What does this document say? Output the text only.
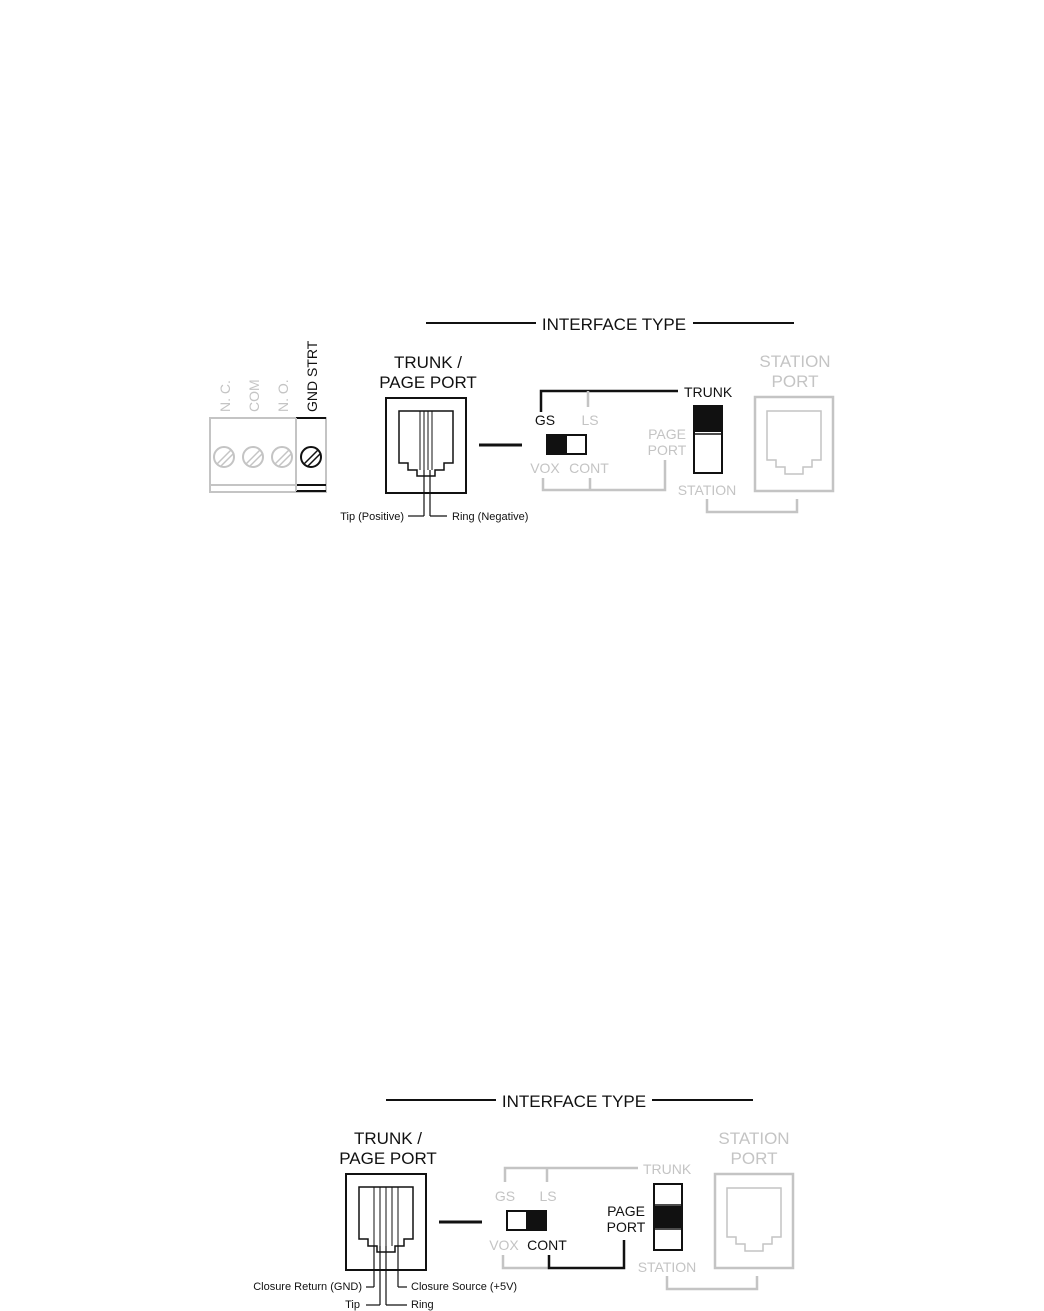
INTERFACE TYPE
N. C. COM N. O. GND STRT	TRUNK /
PAGE PORT
Tip (Positive)	Ring (Negative)
TRUNK
GS LS
VOX CONT
PAGE
PORT
STATION
STATION
PORT
INTERFACE TYPE
TRUNK /
PAGE PORT
Closure Return (GND)	Closure Source (+5V)
Tip	Ring
TRUNK
GS LS
VOX CONT
PAGE
PORT
STATION
STATION
PORT
